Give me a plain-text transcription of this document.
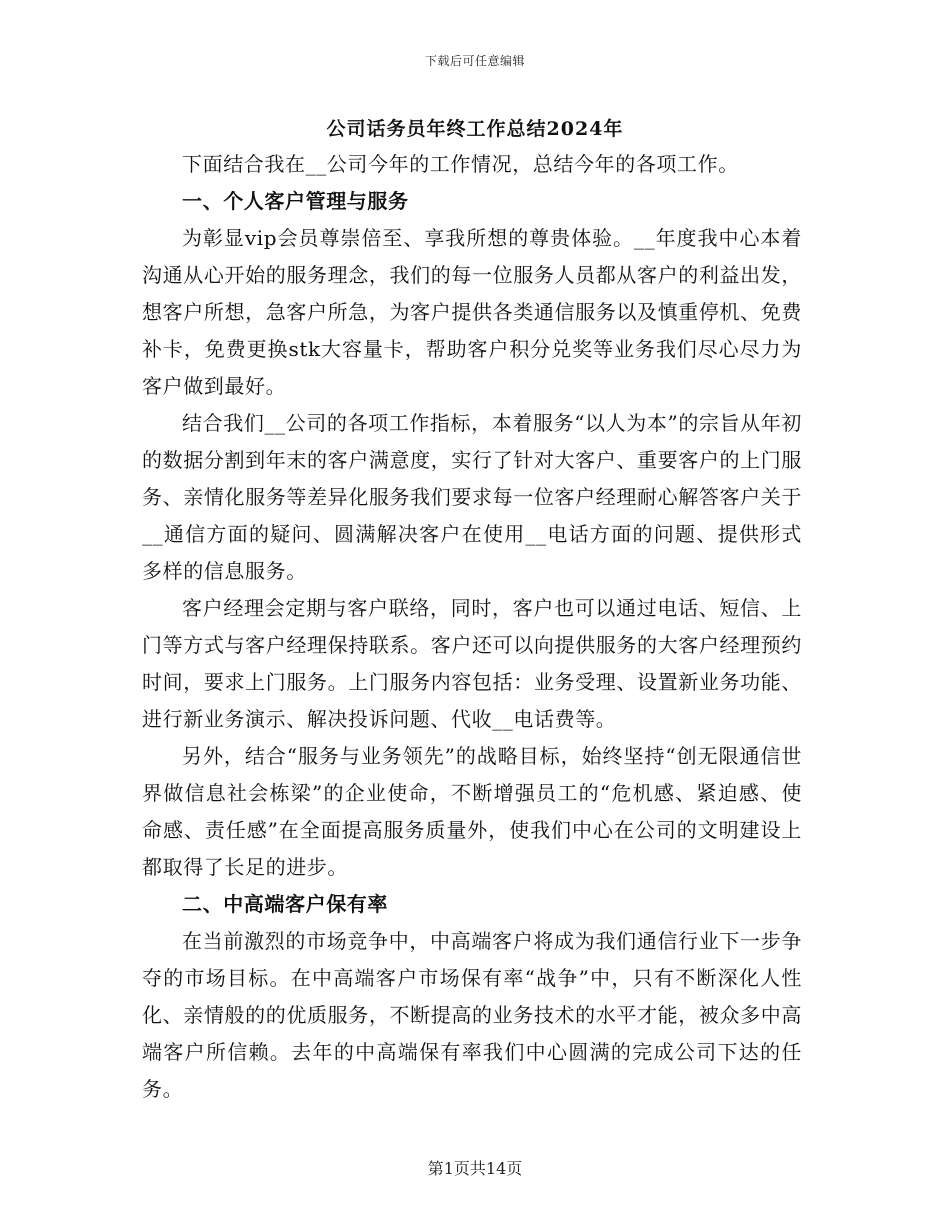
下载后可任意编辑
公司话务员年终工作总结2024年

下面结合我在__公司今年的工作情况，总结今年的各项工作。

一、个人客户管理与服务

为彰显vip会员尊崇倍至、享我所想的尊贵体验。__年度我中心本着沟通从心开始的服务理念，我们的每一位服务人员都从客户的利益出发，想客户所想，急客户所急，为客户提供各类通信服务以及慎重停机、免费补卡，免费更换stk大容量卡，帮助客户积分兑奖等业务我们尽心尽力为客户做到最好。

结合我们__公司的各项工作指标，本着服务“以人为本”的宗旨从年初的数据分割到年末的客户满意度，实行了针对大客户、重要客户的上门服务、亲情化服务等差异化服务我们要求每一位客户经理耐心解答客户关于__通信方面的疑问、圆满解决客户在使用__电话方面的问题、提供形式多样的信息服务。

客户经理会定期与客户联络，同时，客户也可以通过电话、短信、上门等方式与客户经理保持联系。客户还可以向提供服务的大客户经理预约时间，要求上门服务。上门服务内容包括：业务受理、设置新业务功能、进行新业务演示、解决投诉问题、代收__电话费等。

另外，结合“服务与业务领先”的战略目标，始终坚持“创无限通信世界做信息社会栋梁”的企业使命，不断增强员工的“危机感、紧迫感、使命感、责任感”在全面提高服务质量外，使我们中心在公司的文明建设上都取得了长足的进步。

二、中高端客户保有率

在当前激烈的市场竞争中，中高端客户将成为我们通信行业下一步争夺的市场目标。在中高端客户市场保有率“战争”中，只有不断深化人性化、亲情般的的优质服务，不断提高的业务技术的水平才能，被众多中高端客户所信赖。去年的中高端保有率我们中心圆满的完成公司下达的任务。

第1页共14页
